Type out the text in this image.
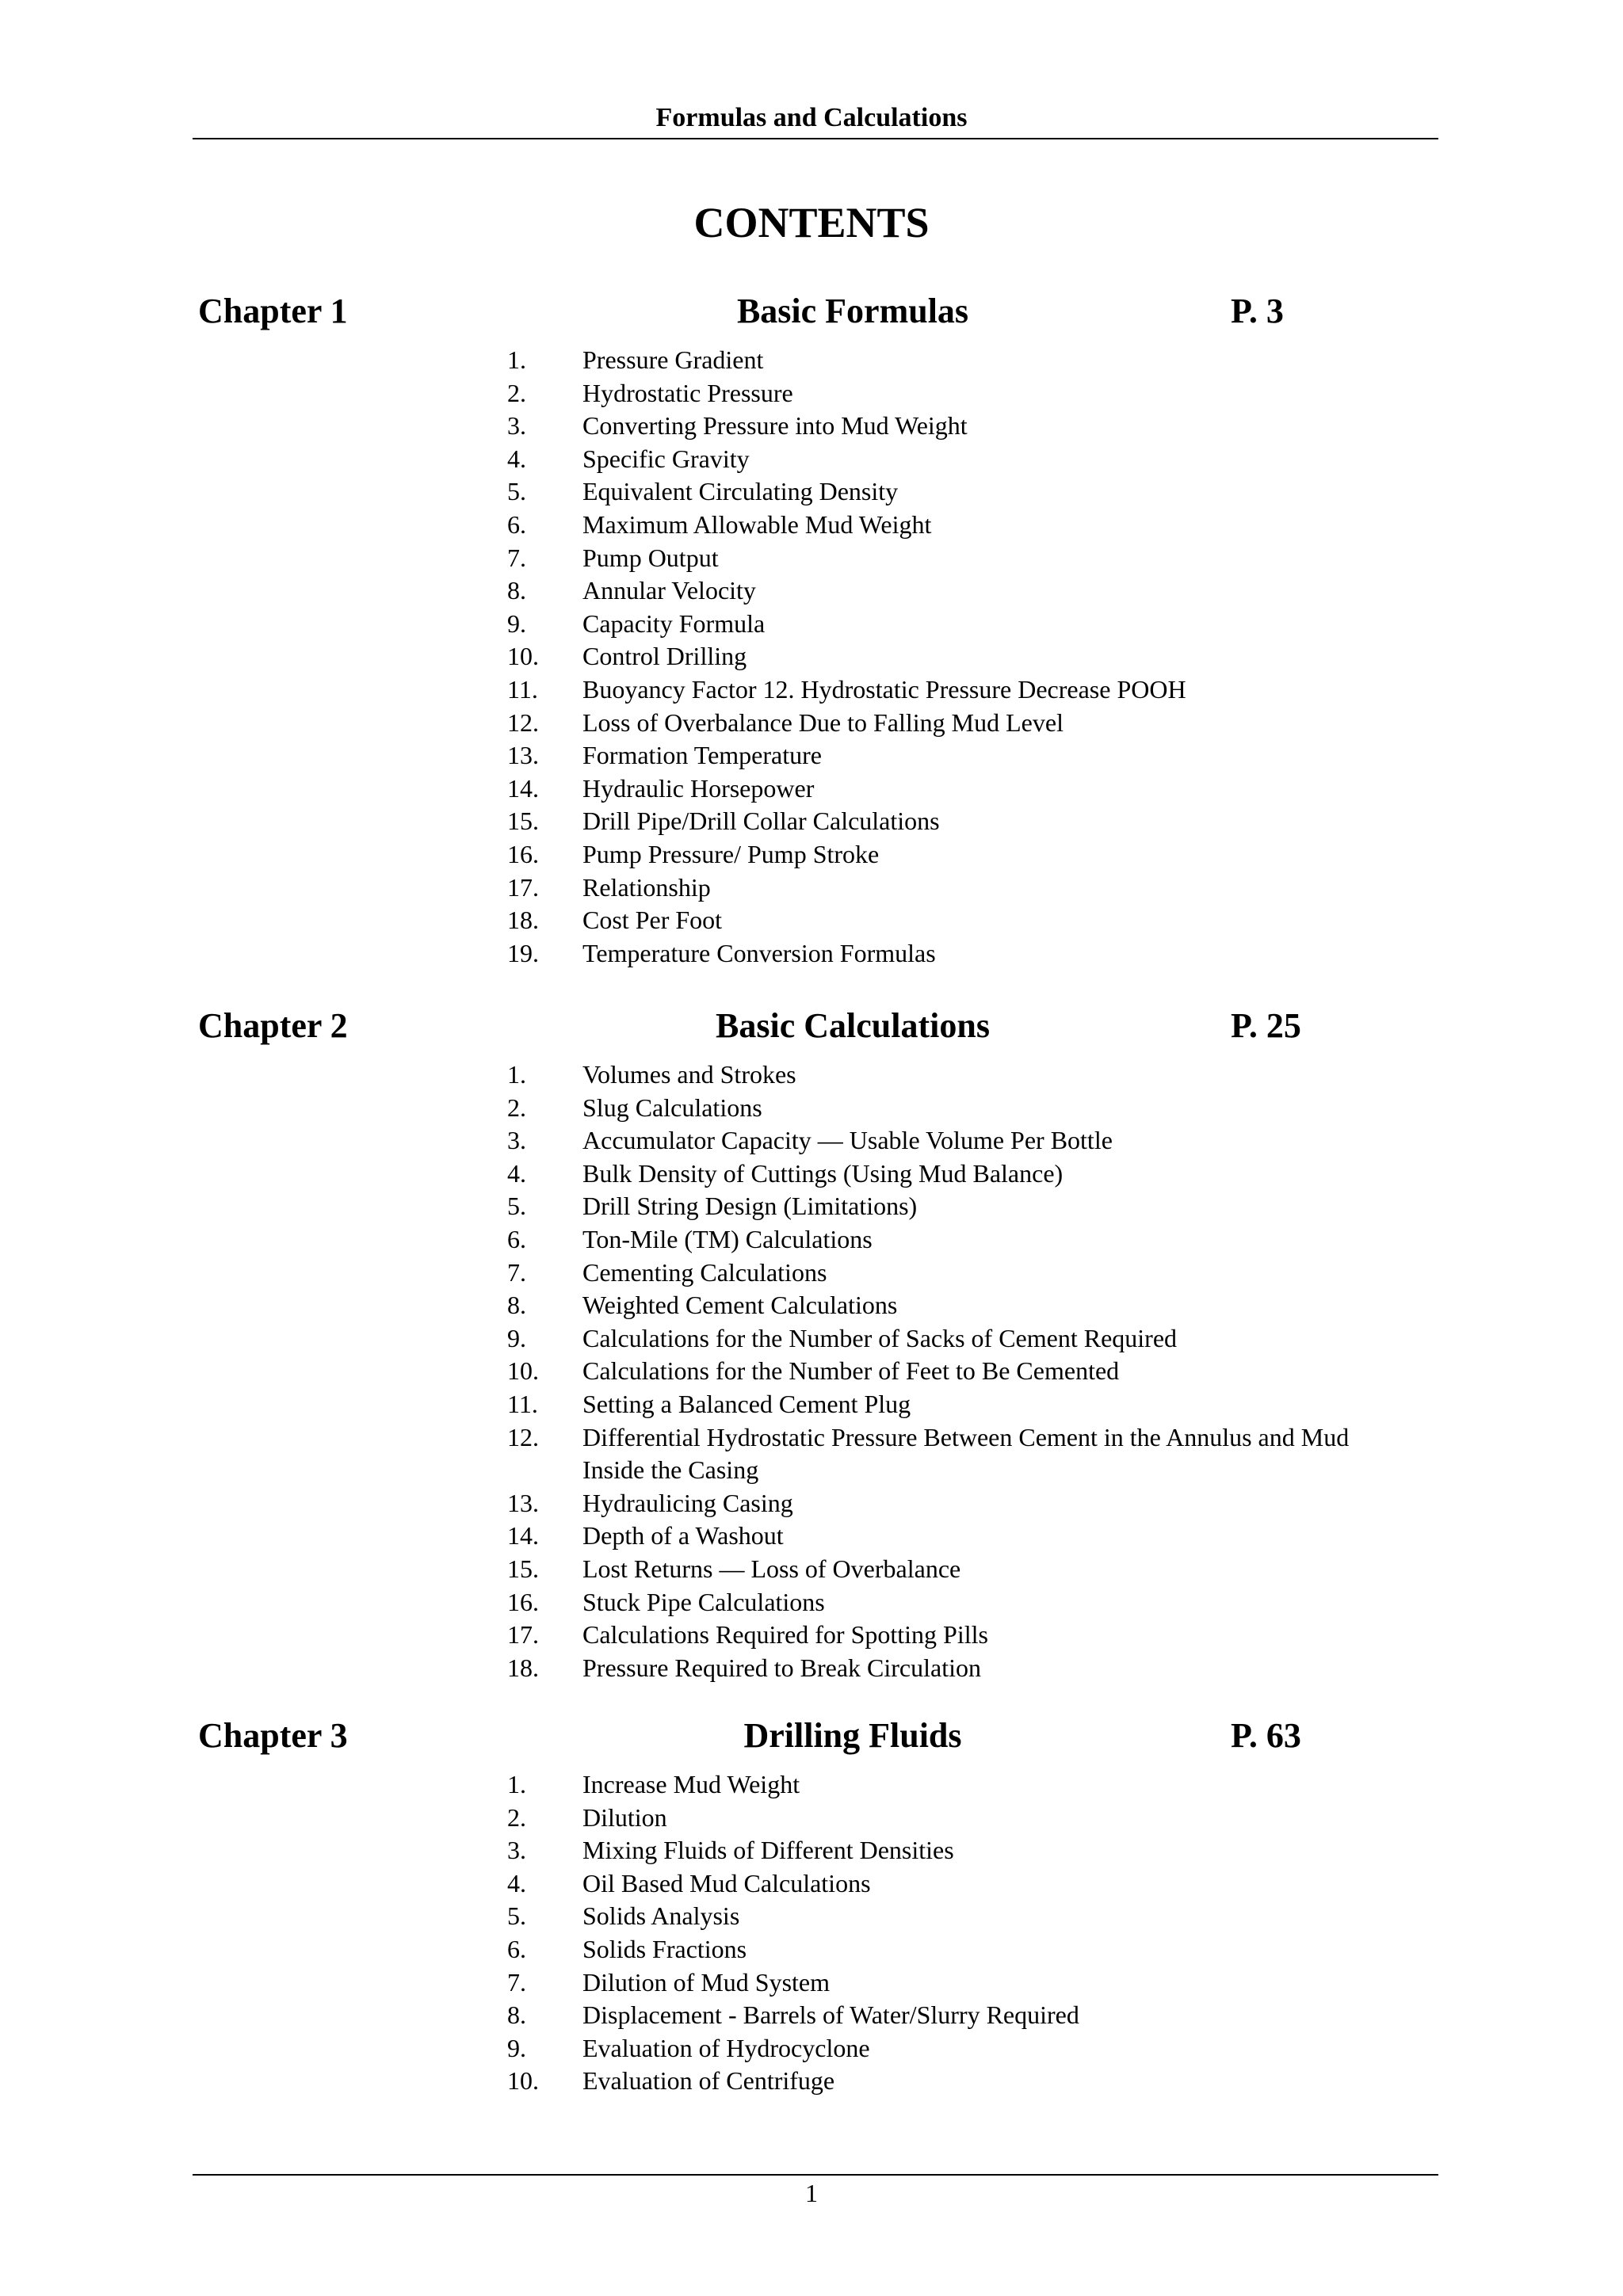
Formulas and Calculations
CONTENTS
Chapter 1	Basic Formulas	P. 3
1. Pressure Gradient
2. Hydrostatic Pressure
3. Converting Pressure into Mud Weight
4. Specific Gravity
5. Equivalent Circulating Density
6. Maximum Allowable Mud Weight
7. Pump Output
8. Annular Velocity
9. Capacity Formula
10. Control Drilling
11. Buoyancy Factor 12. Hydrostatic Pressure Decrease POOH
12. Loss of Overbalance Due to Falling Mud Level
13. Formation Temperature
14. Hydraulic Horsepower
15. Drill Pipe/Drill Collar Calculations
16. Pump Pressure/ Pump Stroke
17. Relationship
18. Cost Per Foot
19. Temperature Conversion Formulas
Chapter 2	Basic Calculations	P. 25
1. Volumes and Strokes
2. Slug Calculations
3. Accumulator Capacity — Usable Volume Per Bottle
4. Bulk Density of Cuttings (Using Mud Balance)
5. Drill String Design (Limitations)
6. Ton-Mile (TM) Calculations
7. Cementing Calculations
8. Weighted Cement Calculations
9. Calculations for the Number of Sacks of Cement Required
10. Calculations for the Number of Feet to Be Cemented
11. Setting a Balanced Cement Plug
12. Differential Hydrostatic Pressure Between Cement in the Annulus and Mud Inside the Casing
13. Hydraulicing Casing
14. Depth of a Washout
15. Lost Returns — Loss of Overbalance
16. Stuck Pipe Calculations
17. Calculations Required for Spotting Pills
18. Pressure Required to Break Circulation
Chapter 3	Drilling Fluids	P. 63
1. Increase Mud Weight
2. Dilution
3. Mixing Fluids of Different Densities
4. Oil Based Mud Calculations
5. Solids Analysis
6. Solids Fractions
7. Dilution of Mud System
8. Displacement - Barrels of Water/Slurry Required
9. Evaluation of Hydrocyclone
10. Evaluation of Centrifuge
1
